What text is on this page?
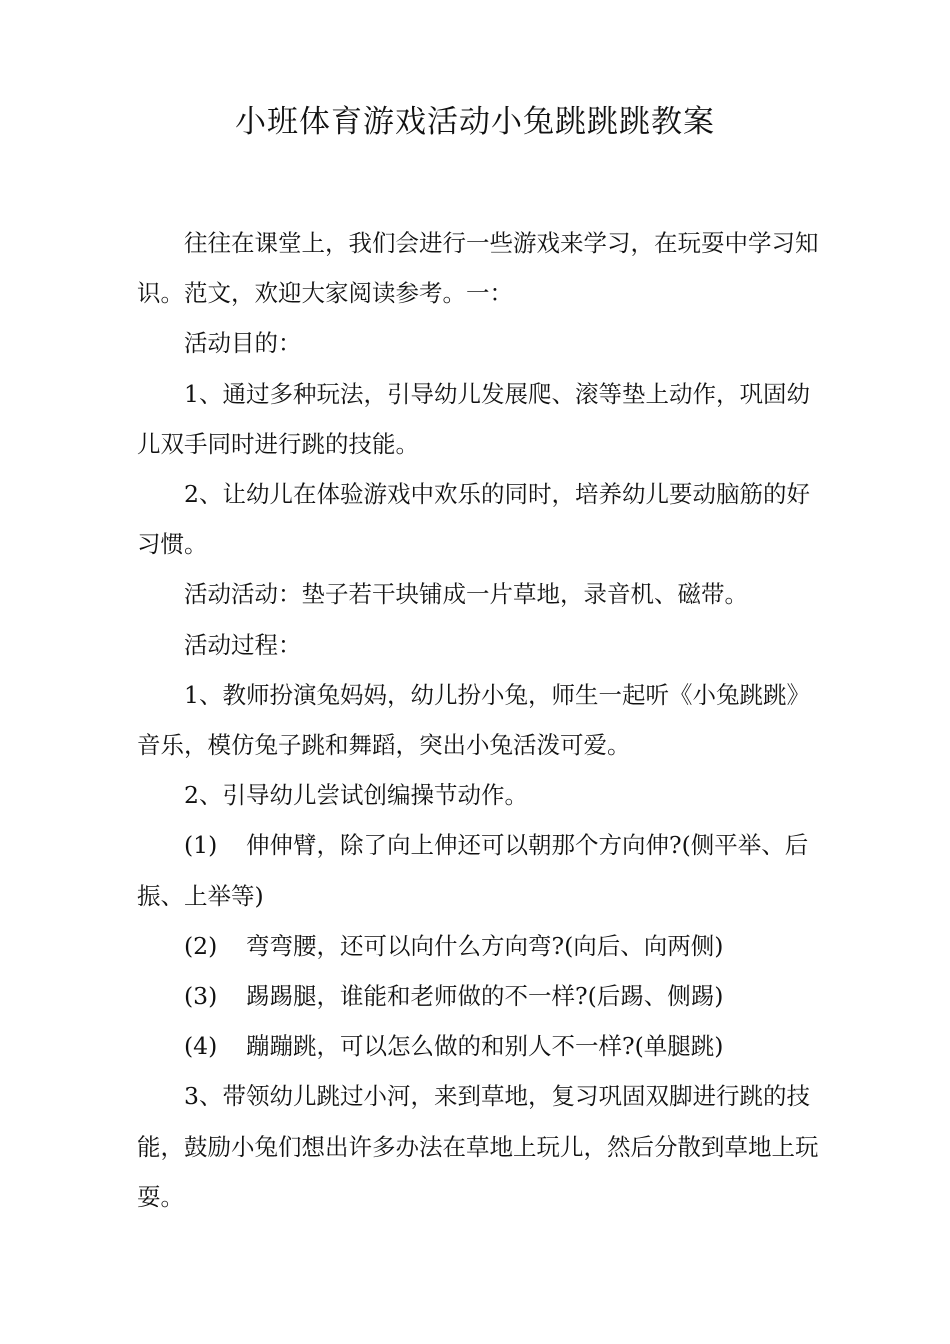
小班体育游戏活动小兔跳跳跳教案

往往在课堂上，我们会进行一些游戏来学习，在玩耍中学习知识。范文，欢迎大家阅读参考。一：

活动目的：

1、通过多种玩法，引导幼儿发展爬、滚等垫上动作，巩固幼儿双手同时进行跳的技能。

2、让幼儿在体验游戏中欢乐的同时，培养幼儿要动脑筋的好习惯。

活动活动：垫子若干块铺成一片草地，录音机、磁带。

活动过程：

1、教师扮演兔妈妈，幼儿扮小兔，师生一起听《小兔跳跳》音乐，模仿兔子跳和舞蹈，突出小兔活泼可爱。

2、引导幼儿尝试创编操节动作。

(1) 伸伸臂，除了向上伸还可以朝那个方向伸?(侧平举、后振、上举等)

(2) 弯弯腰，还可以向什么方向弯?(向后、向两侧)

(3) 踢踢腿，谁能和老师做的不一样?(后踢、侧踢)

(4) 蹦蹦跳，可以怎么做的和别人不一样?(单腿跳)

3、带领幼儿跳过小河，来到草地，复习巩固双脚进行跳的技能，鼓励小兔们想出许多办法在草地上玩儿，然后分散到草地上玩耍。
